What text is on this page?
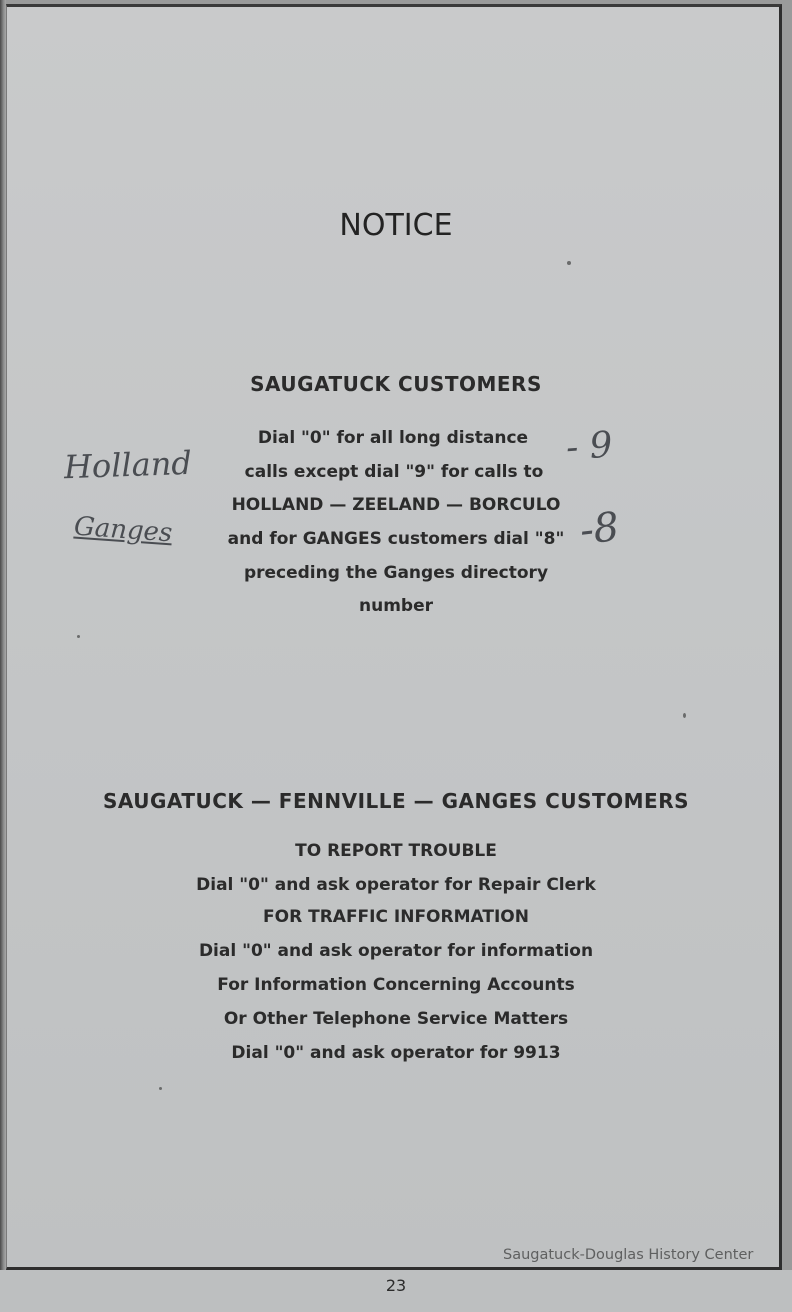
NOTICE
SAUGATUCK CUSTOMERS
Dial "0" for all long distance
calls except dial "9" for calls to
HOLLAND — ZEELAND — BORCULO
and for GANGES customers dial "8"
preceding the Ganges directory
number
Holland
Ganges
- 9
-8
SAUGATUCK — FENNVILLE — GANGES CUSTOMERS
TO REPORT TROUBLE
Dial "0" and ask operator for Repair Clerk
FOR TRAFFIC INFORMATION
Dial "0" and ask operator for information
For Information Concerning Accounts
Or Other Telephone Service Matters
Dial "0" and ask operator for 9913
Saugatuck-Douglas History Center
23
